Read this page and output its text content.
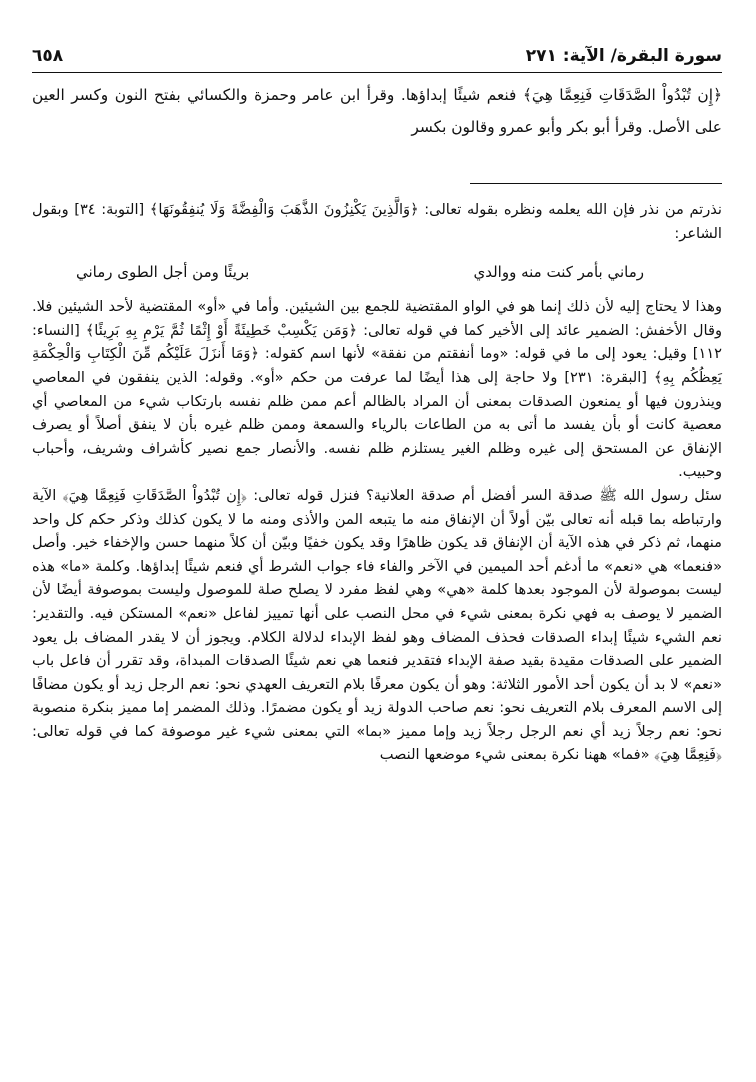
سورة البقرة/ الآية: ٢٧١
٦٥٨

﴿إِن تُبْدُواْ الصَّدَقَاتِ فَنِعِمَّا هِيَ﴾ فنعم شيئًا إبداؤها. وقرأ ابن عامر وحمزة والكسائي بفتح النون وكسر العين على الأصل. وقرأ أبو بكر وأبو عمرو وقالون بكسر

نذرتم من نذر فإن الله يعلمه ونظره بقوله تعالى: ﴿وَالَّذِينَ يَكْنِزُونَ الذَّهَبَ وَالْفِضَّةَ وَلَا يُنفِقُونَهَا﴾ [التوبة: ٣٤] وبقول الشاعر:

رماني بأمر كنت منه ووالدي
بريئًا ومن أجل الطوى رماني

وهذا لا يحتاج إليه لأن ذلك إنما هو في الواو المقتضية للجمع بين الشيئين. وأما في «أو» المقتضية لأحد الشيئين فلا. وقال الأخفش: الضمير عائد إلى الأخير كما في قوله تعالى: ﴿وَمَن يَكْسِبْ خَطِيئَةً أَوْ إِثْمًا ثُمَّ يَرْمِ بِهِ بَرِيئًا﴾ [النساء: ١١٢] وقيل: يعود إلى ما في قوله: «وما أنفقتم من نفقة» لأنها اسم كقوله: ﴿وَمَا أَنزَلَ عَلَيْكُم مِّنَ الْكِتَابِ وَالْحِكْمَةِ يَعِظُكُم بِهِ﴾ [البقرة: ٢٣١] ولا حاجة إلى هذا أيضًا لما عرفت من حكم «أو». وقوله: الذين ينفقون في المعاصي وينذرون فيها أو يمنعون الصدقات بمعنى أن المراد بالظالم أعم ممن ظلم نفسه بارتكاب شيء من المعاصي أي معصية كانت أو بأن يفسد ما أتى به من الطاعات بالرياء والسمعة وممن ظلم غيره بأن لا ينفق أصلاً أو يصرف الإنفاق عن المستحق إلى غيره وظلم الغير يستلزم ظلم نفسه. والأنصار جمع نصير كأشراف وشريف، وأحباب وحبيب.

سئل رسول الله ﷺ صدقة السر أفضل أم صدقة العلانية؟ فنزل قوله تعالى: ﴿إِن تُبْدُواْ الصَّدَقَاتِ فَنِعِمَّا هِيَ﴾ الآية وارتباطه بما قبله أنه تعالى بيّن أولاً أن الإنفاق منه ما يتبعه المن والأذى ومنه ما لا يكون كذلك وذكر حكم كل واحد منهما، ثم ذكر في هذه الآية أن الإنفاق قد يكون ظاهرًا وقد يكون خفيًا وبيّن أن كلاً منهما حسن والإخفاء خير. وأصل «فنعما» هي «نعم» ما أدغم أحد الميمين في الآخر والفاء فاء جواب الشرط أي فنعم شيئًا إبداؤها. وكلمة «ما» هذه ليست بموصولة لأن الموجود بعدها كلمة «هي» وهي لفظ مفرد لا يصلح صلة للموصول وليست بموصوفة أيضًا لأن الضمير لا يوصف به فهي نكرة بمعنى شيء في محل النصب على أنها تمييز لفاعل «نعم» المستكن فيه. والتقدير: نعم الشيء شيئًا إبداء الصدقات فحذف المضاف وهو لفظ الإبداء لدلالة الكلام. ويجوز أن لا يقدر المضاف بل يعود الضمير على الصدقات مقيدة بقيد صفة الإبداء فتقدير فنعما هي نعم شيئًا الصدقات المبداة، وقد تقرر أن فاعل باب «نعم» لا بد أن يكون أحد الأمور الثلاثة: وهو أن يكون معرفًا بلام التعريف العهدي نحو: نعم الرجل زيد أو يكون مضافًا إلى الاسم المعرف بلام التعريف نحو: نعم صاحب الدولة زيد أو يكون مضمرًا. وذلك المضمر إما مميز بنكرة منصوبة نحو: نعم رجلاً زيد أي نعم الرجل رجلاً زيد وإما مميز «بما» التي بمعنى شيء غير موصوفة كما في قوله تعالى: ﴿فَنِعِمَّا هِيَ﴾ «فما» ههنا نكرة بمعنى شيء موضعها النصب
